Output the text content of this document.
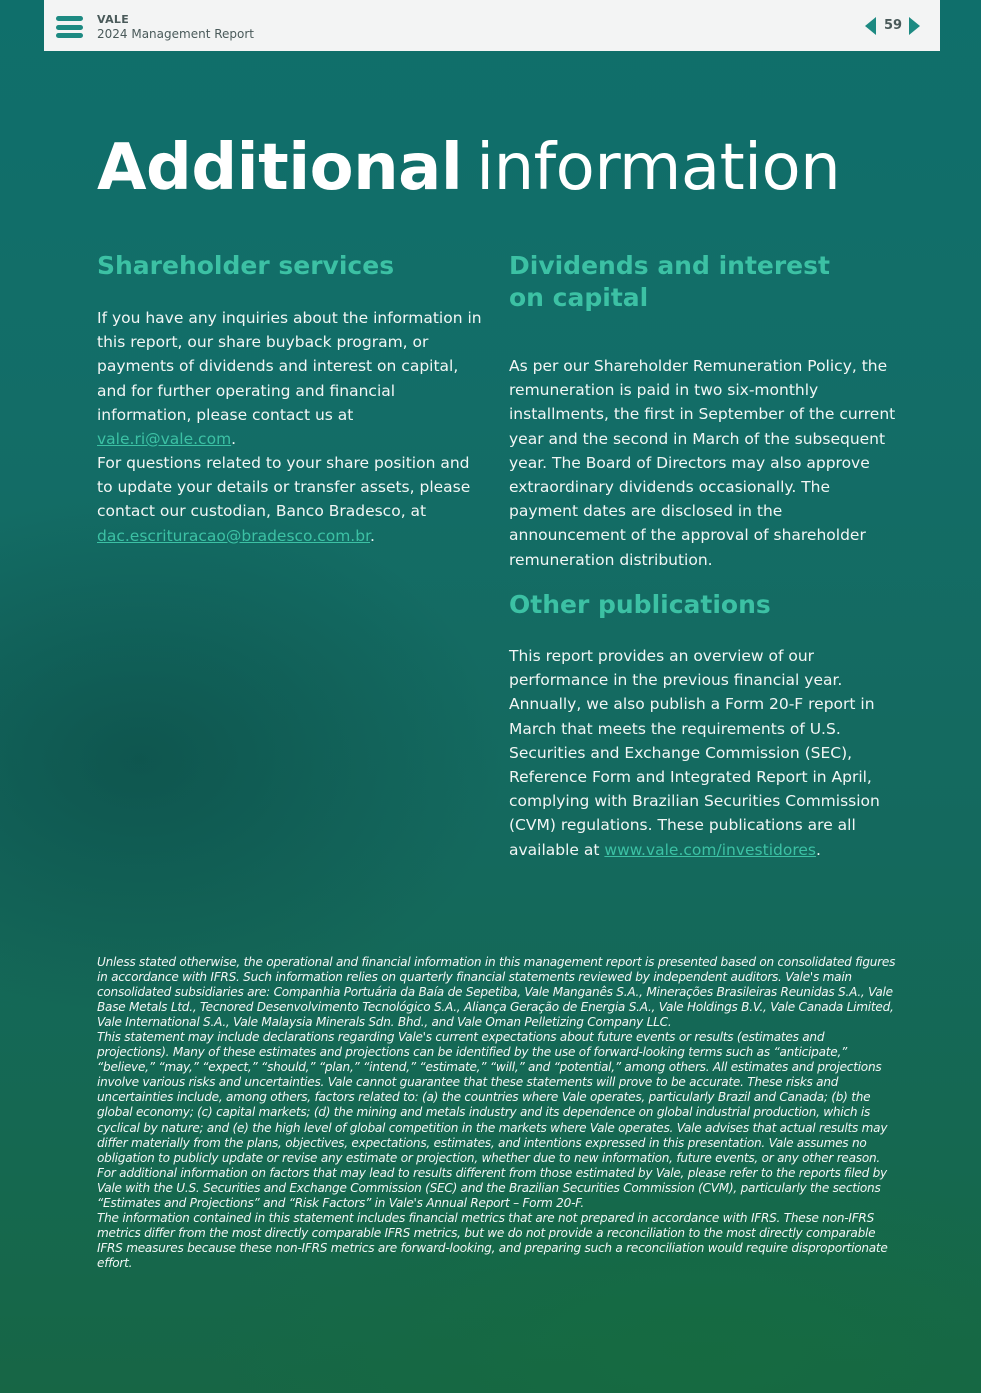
VALE
2024 Management Report
59
Additional information
Shareholder services

If you have any inquiries about the information in this report, our share buyback program, or payments of dividends and interest on capital, and for further operating and financial information, please contact us at vale.ri@vale.com.

For questions related to your share position and to update your details or transfer assets, please contact our custodian, Banco Bradesco, at dac.escrituracao@bradesco.com.br.

Dividends and interest on capital

As per our Shareholder Remuneration Policy, the remuneration is paid in two six-monthly installments, the first in September of the current year and the second in March of the subsequent year. The Board of Directors may also approve extraordinary dividends occasionally. The payment dates are disclosed in the announcement of the approval of shareholder remuneration distribution.

Other publications

This report provides an overview of our performance in the previous financial year. Annually, we also publish a Form 20-F report in March that meets the requirements of U.S. Securities and Exchange Commission (SEC), Reference Form and Integrated Report in April, complying with Brazilian Securities Commission (CVM) regulations. These publications are all available at www.vale.com/investidores.

Unless stated otherwise, the operational and financial information in this management report is presented based on consolidated figures in accordance with IFRS. Such information relies on quarterly financial statements reviewed by independent auditors. Vale's main consolidated subsidiaries are: Companhia Portuária da Baía de Sepetiba, Vale Manganês S.A., Minerações Brasileiras Reunidas S.A., Vale Base Metals Ltd., Tecnored Desenvolvimento Tecnológico S.A., Aliança Geração de Energia S.A., Vale Holdings B.V., Vale Canada Limited, Vale International S.A., Vale Malaysia Minerals Sdn. Bhd., and Vale Oman Pelletizing Company LLC.

This statement may include declarations regarding Vale's current expectations about future events or results (estimates and projections). Many of these estimates and projections can be identified by the use of forward-looking terms such as “anticipate,” “believe,” “may,” “expect,” “should,” “plan,” “intend,” “estimate,” “will,” and “potential,” among others. All estimates and projections involve various risks and uncertainties. Vale cannot guarantee that these statements will prove to be accurate. These risks and uncertainties include, among others, factors related to: (a) the countries where Vale operates, particularly Brazil and Canada; (b) the global economy; (c) capital markets; (d) the mining and metals industry and its dependence on global industrial production, which is cyclical by nature; and (e) the high level of global competition in the markets where Vale operates. Vale advises that actual results may differ materially from the plans, objectives, expectations, estimates, and intentions expressed in this presentation. Vale assumes no obligation to publicly update or revise any estimate or projection, whether due to new information, future events, or any other reason. For additional information on factors that may lead to results different from those estimated by Vale, please refer to the reports filed by Vale with the U.S. Securities and Exchange Commission (SEC) and the Brazilian Securities Commission (CVM), particularly the sections “Estimates and Projections” and “Risk Factors” in Vale's Annual Report – Form 20-F.

The information contained in this statement includes financial metrics that are not prepared in accordance with IFRS. These non-IFRS metrics differ from the most directly comparable IFRS metrics, but we do not provide a reconciliation to the most directly comparable IFRS measures because these non-IFRS metrics are forward-looking, and preparing such a reconciliation would require disproportionate effort.
